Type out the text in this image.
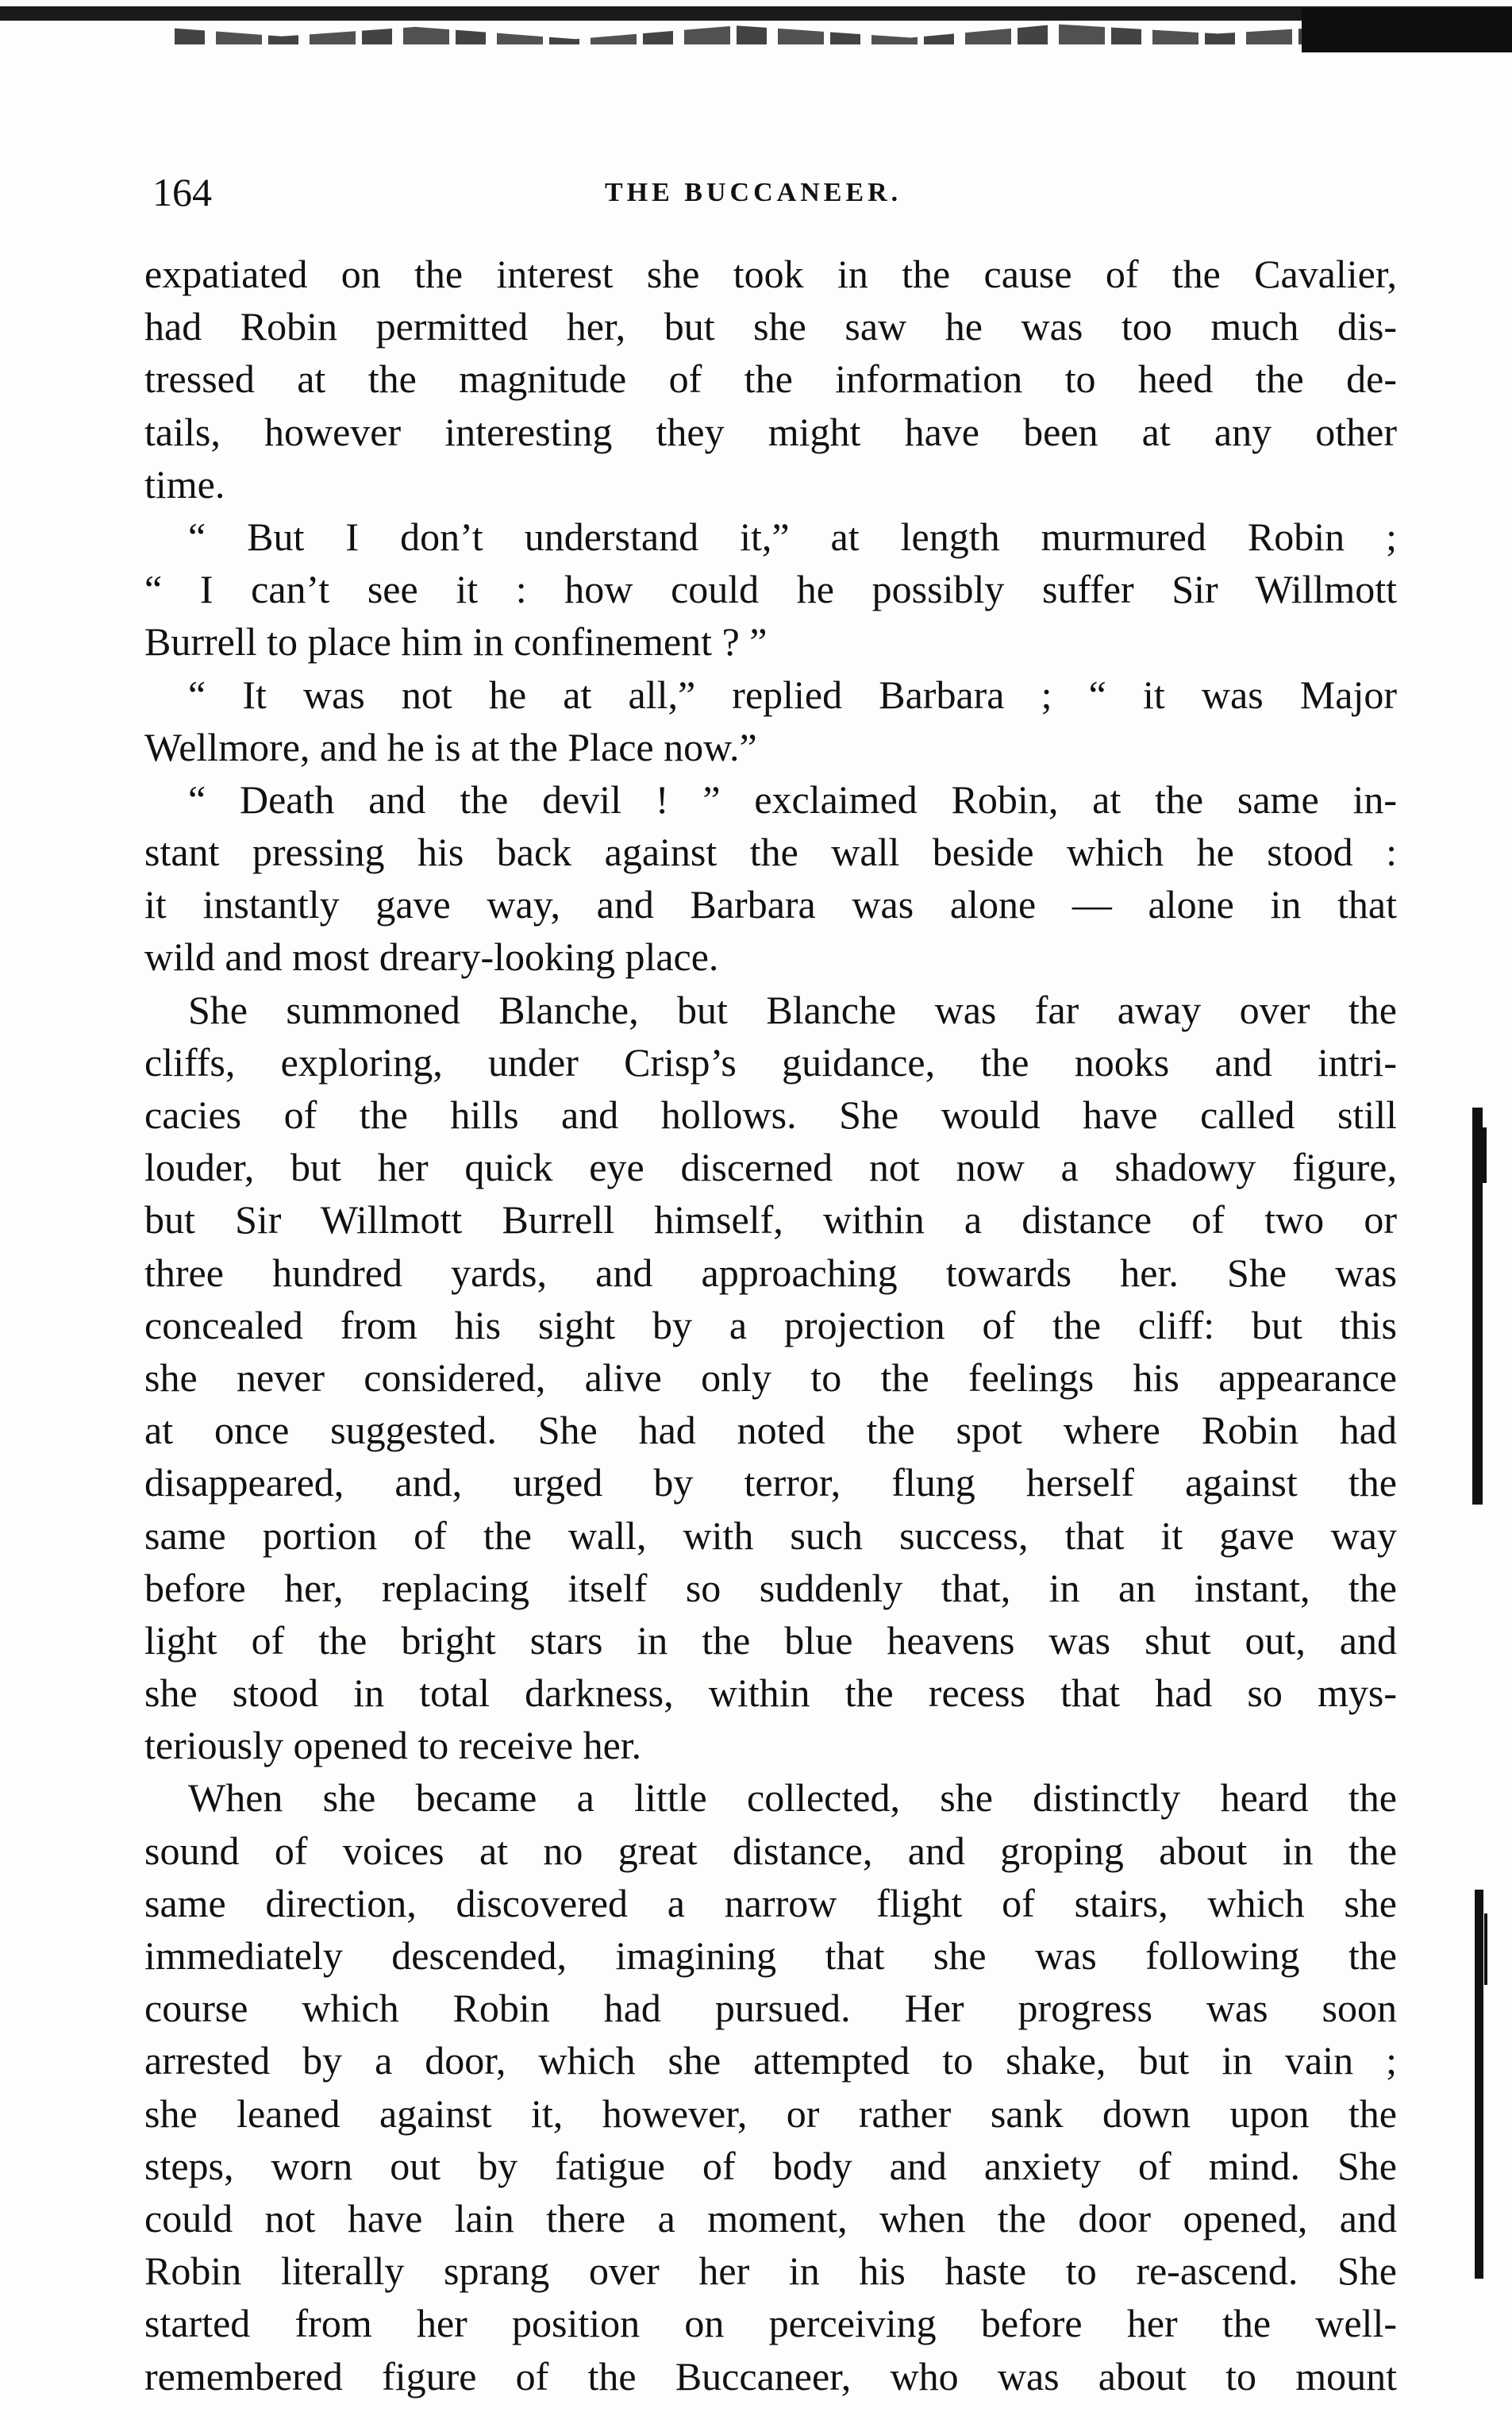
164	THE BUCCANEER.

expatiated on the interest she took in the cause of the Cavalier,
had Robin permitted her, but she saw he was too much dis-
tressed at the magnitude of the information to heed the de-
tails, however interesting they might have been at any other
time.
“ But I don’t understand it,” at length murmured Robin ;
“ I can’t see it : how could he possibly suffer Sir Willmott
Burrell to place him in confinement ? ”
“ It was not he at all,” replied Barbara ; “ it was Major
Wellmore, and he is at the Place now.”
“ Death and the devil ! ” exclaimed Robin, at the same in-
stant pressing his back against the wall beside which he stood :
it instantly gave way, and Barbara was alone — alone in that
wild and most dreary-looking place.
She summoned Blanche, but Blanche was far away over the
cliffs, exploring, under Crisp’s guidance, the nooks and intri-
cacies of the hills and hollows. She would have called still
louder, but her quick eye discerned not now a shadowy figure,
but Sir Willmott Burrell himself, within a distance of two or
three hundred yards, and approaching towards her. She was
concealed from his sight by a projection of the cliff: but this
she never considered, alive only to the feelings his appearance
at once suggested. She had noted the spot where Robin had
disappeared, and, urged by terror, flung herself against the
same portion of the wall, with such success, that it gave way
before her, replacing itself so suddenly that, in an instant, the
light of the bright stars in the blue heavens was shut out, and
she stood in total darkness, within the recess that had so mys-
teriously opened to receive her.
When she became a little collected, she distinctly heard the
sound of voices at no great distance, and groping about in the
same direction, discovered a narrow flight of stairs, which she
immediately descended, imagining that she was following the
course which Robin had pursued. Her progress was soon
arrested by a door, which she attempted to shake, but in vain ;
she leaned against it, however, or rather sank down upon the
steps, worn out by fatigue of body and anxiety of mind. She
could not have lain there a moment, when the door opened, and
Robin literally sprang over her in his haste to re-ascend. She
started from her position on perceiving before her the well-
remembered figure of the Buccaneer, who was about to mount
